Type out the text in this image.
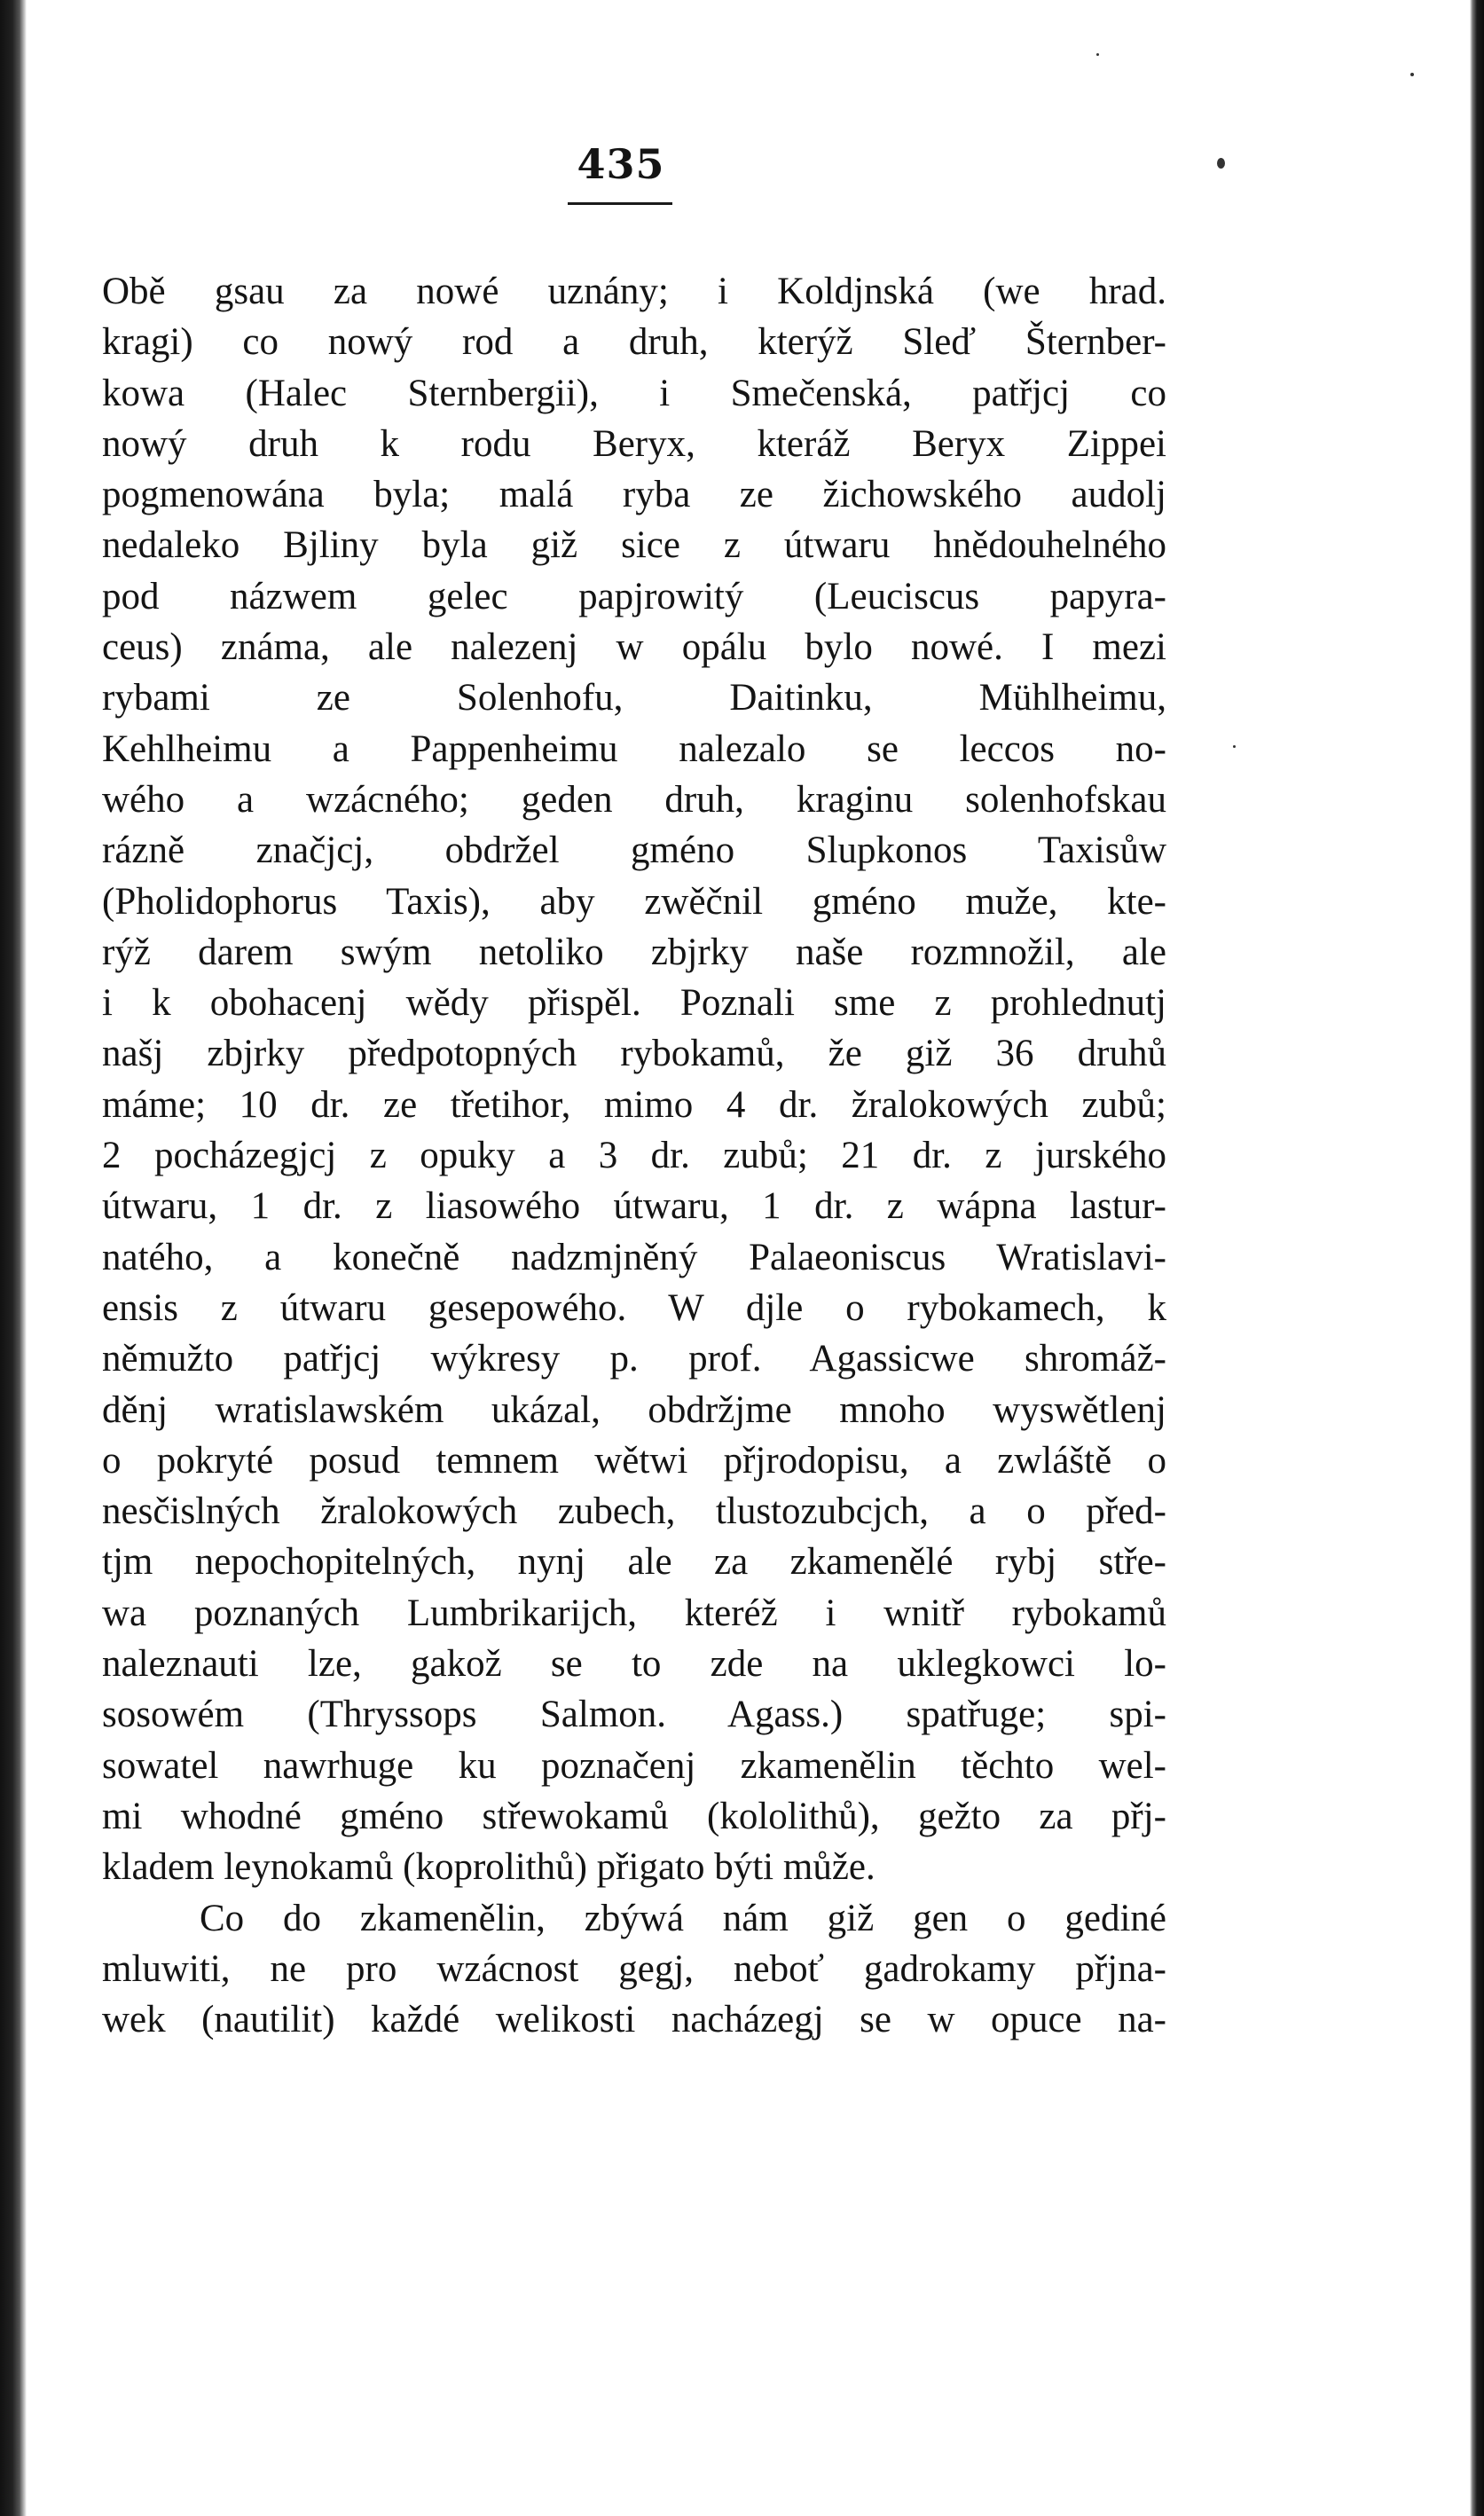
435
Obě gsau za nowé uznány; i Koldjnská (we hrad.
kragi) co nowý rod a druh, kterýž Sleď Šternber-
kowa (Halec Sternbergii), i Smečenská, patřjcj co
nowý druh k rodu Beryx, kteráž Beryx Zippei
pogmenowána byla; malá ryba ze žichowského audolj
nedaleko Bjliny byla giž sice z útwaru hnědouhelného
pod názwem gelec papjrowitý (Leuciscus papyra-
ceus) známa, ale nalezenj w opálu bylo nowé. I mezi
rybami ze Solenhofu, Daitinku, Mühlheimu,
Kehlheimu a Pappenheimu nalezalo se leccos no-
wého a wzácného; geden druh, kraginu solenhofskau
rázně značjcj, obdržel gméno Slupkonos Taxisůw
(Pholidophorus Taxis), aby zwěčnil gméno muže, kte-
rýž darem swým netoliko zbjrky naše rozmnožil, ale
i k obohacenj wědy přispěl. Poznali sme z prohlednutj
našj zbjrky předpotopných rybokamů, že giž 36 druhů
máme; 10 dr. ze třetihor, mimo 4 dr. žralokowých zubů;
2 pocházegjcj z opuky a 3 dr. zubů; 21 dr. z jurského
útwaru, 1 dr. z liasowého útwaru, 1 dr. z wápna lastur-
natého, a konečně nadzmjněný Palaeoniscus Wratislavi-
ensis z útwaru gesepowého. W djle o rybokamech, k
němužto patřjcj wýkresy p. prof. Agassicwe shromáž-
děnj wratislawském ukázal, obdržjme mnoho wyswětlenj
o pokryté posud temnem wětwi přjrodopisu, a zwláště o
nesčislných žralokowých zubech, tlustozubcjch, a o před-
tjm nepochopitelných, nynj ale za zkamenělé rybj stře-
wa poznaných Lumbrikarijch, kteréž i wnitř rybokamů
naleznauti lze, gakož se to zde na uklegkowci lo-
sosowém (Thryssops Salmon. Agass.) spatřuge; spi-
sowatel nawrhuge ku poznačenj zkamenělin těchto wel-
mi whodné gméno střewokamů (kololithů), gežto za přj-
kladem leynokamů (koprolithů) přigato býti může.
Co do zkamenělin, zbýwá nám giž gen o gediné
mluwiti, ne pro wzácnost gegj, neboť gadrokamy přjna-
wek (nautilit) každé welikosti nacházegj se w opuce na-
